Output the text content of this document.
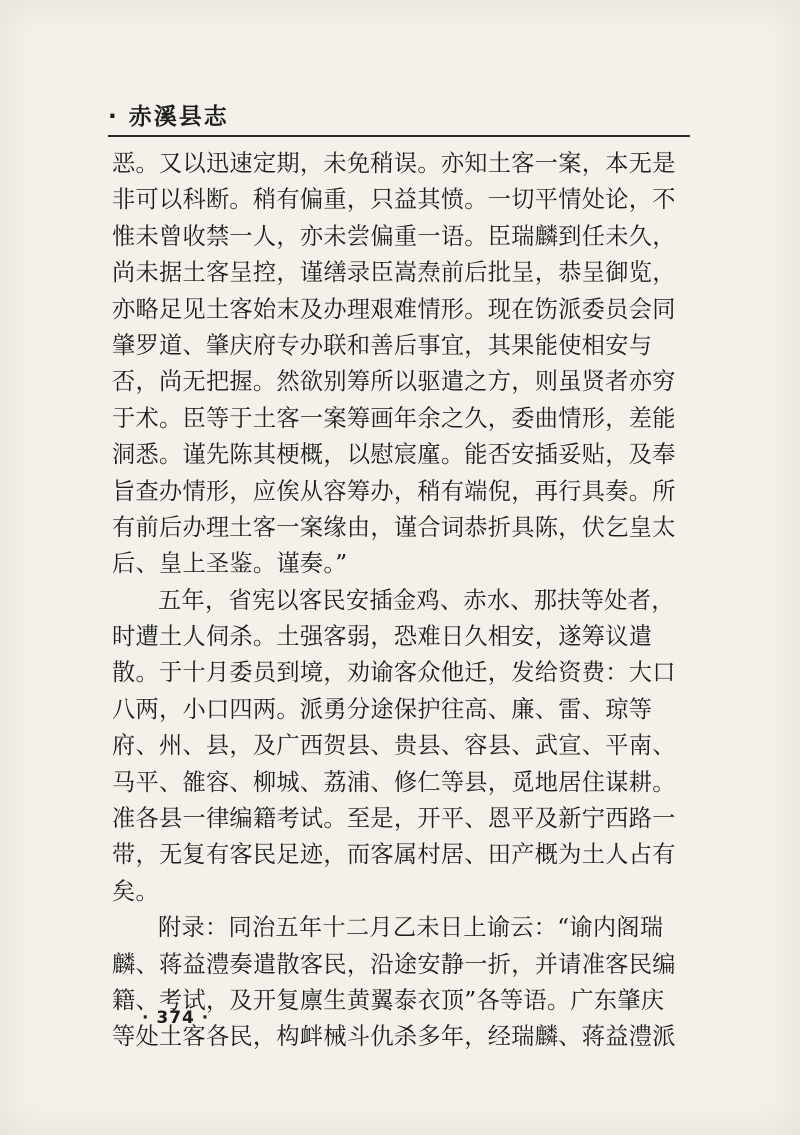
· 赤溪县志
恶。又以迅速定期，未免稍误。亦知土客一案，本无是
非可以科断。稍有偏重，只益其愤。一切平情处论，不
惟未曾收禁一人，亦未尝偏重一语。臣瑞麟到任未久，
尚未据土客呈控，谨缮录臣嵩焘前后批呈，恭呈御览，
亦略足见土客始末及办理艰难情形。现在饬派委员会同
肇罗道、肇庆府专办联和善后事宜，其果能使相安与
否，尚无把握。然欲别筹所以驱遣之方，则虽贤者亦穷
于术。臣等于土客一案筹画年余之久，委曲情形，差能
洞悉。谨先陈其梗概，以慰宸廑。能否安插妥贴，及奉
旨查办情形，应俟从容筹办，稍有端倪，再行具奏。所
有前后办理土客一案缘由，谨合词恭折具陈，伏乞皇太
后、皇上圣鉴。谨奏。”
五年，省宪以客民安插金鸡、赤水、那扶等处者，
时遭土人伺杀。土强客弱，恐难日久相安，遂筹议遣
散。于十月委员到境，劝谕客众他迁，发给资费：大口
八两，小口四两。派勇分途保护往高、廉、雷、琼等
府、州、县，及广西贺县、贵县、容县、武宣、平南、
马平、雒容、柳城、荔浦、修仁等县，觅地居住谋耕。
准各县一律编籍考试。至是，开平、恩平及新宁西路一
带，无复有客民足迹，而客属村居、田产概为土人占有
矣。
附录：同治五年十二月乙未日上谕云：“谕内阁瑞
麟、蒋益澧奏遣散客民，沿途安静一折，并请准客民编
籍、考试，及开复廪生黄翼泰衣顶”各等语。广东肇庆
等处土客各民，构衅械斗仇杀多年，经瑞麟、蒋益澧派
· 374 ·
